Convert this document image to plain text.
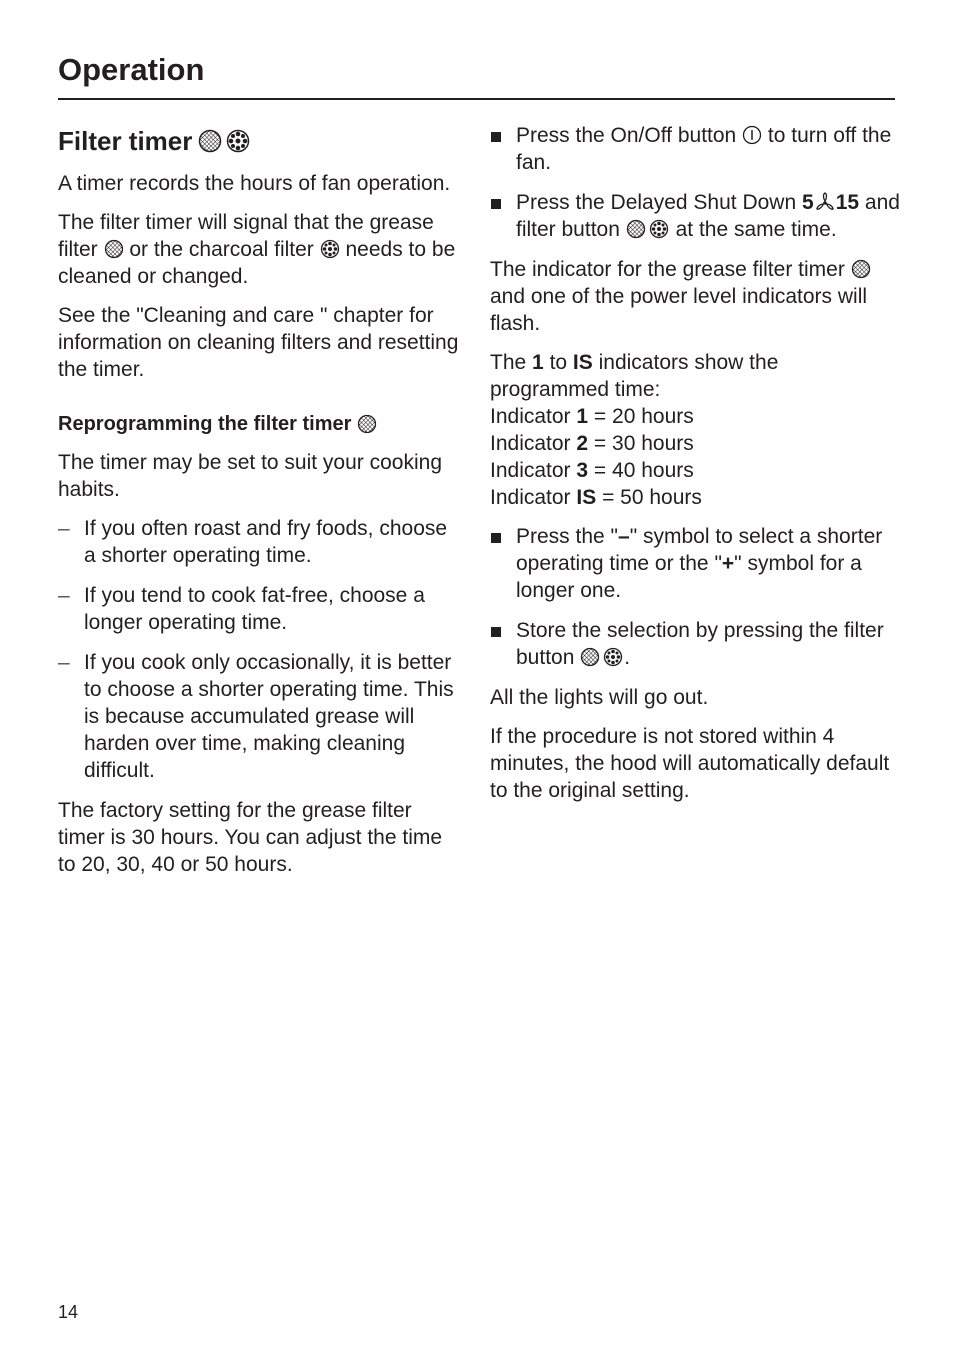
Operation
Filter timer

A timer records the hours of fan operation.

The filter timer will signal that the grease filter or the charcoal filter needs to be cleaned or changed.

See the "Cleaning and care " chapter for information on cleaning filters and resetting the timer.

Reprogramming the filter timer

The timer may be set to suit your cooking habits.

– If you often roast and fry foods, choose a shorter operating time.
– If you tend to cook fat-free, choose a longer operating time.
– If you cook only occasionally, it is better to choose a shorter operating time. This is because accumulated grease will harden over time, making cleaning difficult.

The factory setting for the grease filter timer is 30 hours. You can adjust the time to 20, 30, 40 or 50 hours.

Press the On/Off button to turn off the fan.
Press the Delayed Shut Down 5 15 and filter button	at the same time.

The indicator for the grease filter timer
and one of the power level indicators will flash.

The 1 to IS indicators show the programmed time:
Indicator 1 = 20 hours
Indicator 2 = 30 hours
Indicator 3 = 40 hours
Indicator IS = 50 hours

Press the "–" symbol to select a shorter operating time or the "+" symbol for a longer one.
Store the selection by pressing the filter button .

All the lights will go out.

If the procedure is not stored within 4 minutes, the hood will automatically default to the original setting.

14
